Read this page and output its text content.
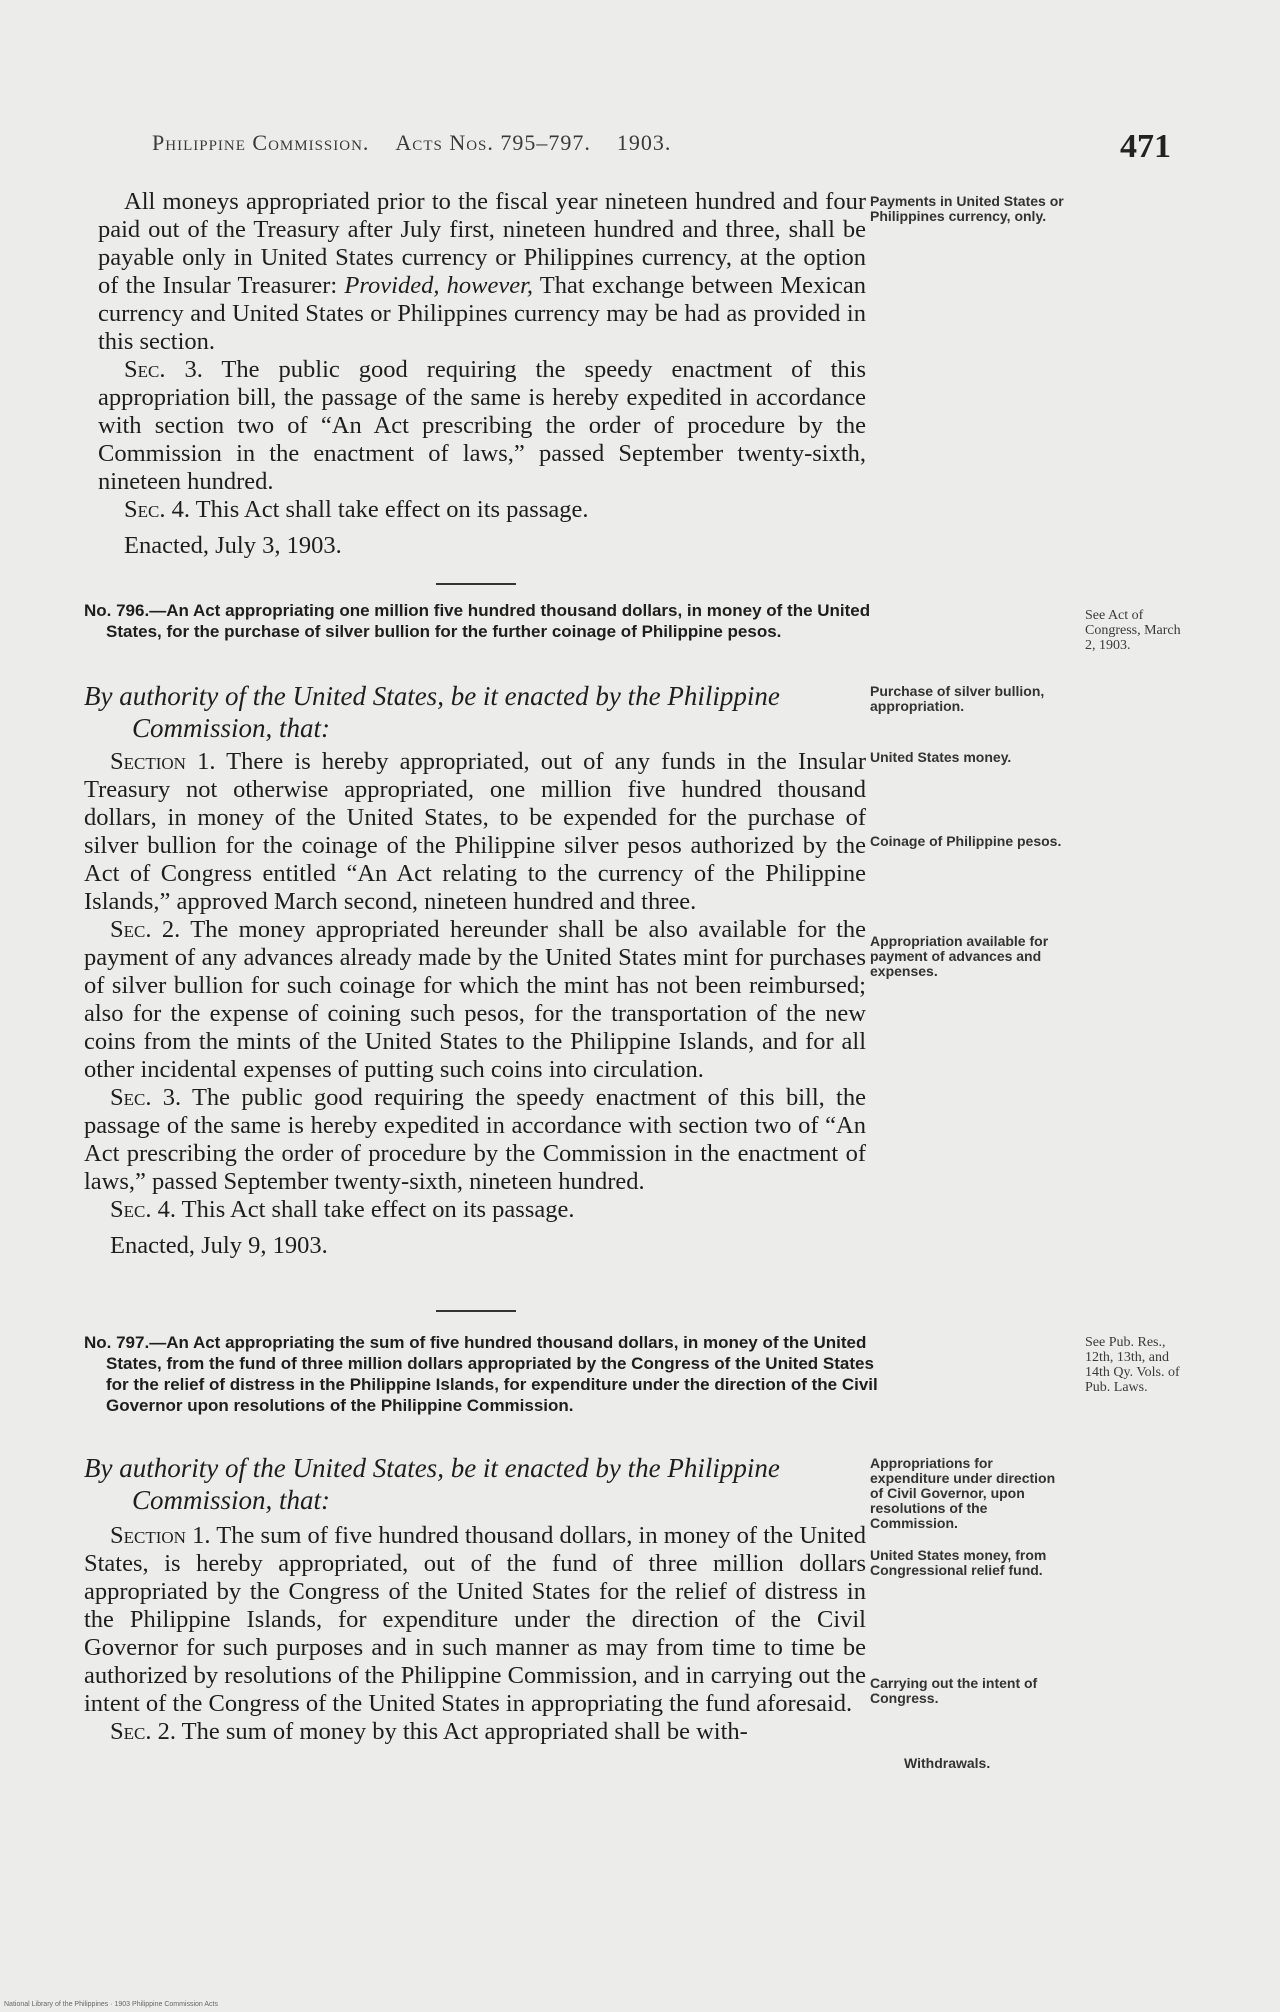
Philippine Commission. Acts Nos. 795–797. 1903.	471

All moneys appropriated prior to the fiscal year nineteen hundred and four paid out of the Treasury after July first, nineteen hundred and three, shall be payable only in United States currency or Philippines currency, at the option of the Insular Treasurer: Provided, however, That exchange between Mexican currency and United States or Philippines currency may be had as provided in this section.

Sec. 3. The public good requiring the speedy enactment of this appropriation bill, the passage of the same is hereby expedited in accordance with section two of “An Act prescribing the order of procedure by the Commission in the enactment of laws,” passed September twenty-sixth, nineteen hundred.

Sec. 4. This Act shall take effect on its passage.

Enacted, July 3, 1903.

Payments in United States or Philippines currency, only.
No. 796.—An Act appropriating one million five hundred thousand dollars, in money of the United States, for the purchase of silver bullion for the further coinage of Philippine pesos.
See Act of Congress, March 2, 1903.
By authority of the United States, be it enacted by the Philippine
Commission, that:
Purchase of silver bullion, appropriation.

Section 1. There is hereby appropriated, out of any funds in the Insular Treasury not otherwise appropriated, one million five hundred thousand dollars, in money of the United States, to be expended for the purchase of silver bullion for the coinage of the Philippine silver pesos authorized by the Act of Congress entitled “An Act relating to the currency of the Philippine Islands,” approved March second, nineteen hundred and three.

Sec. 2. The money appropriated hereunder shall be also available for the payment of any advances already made by the United States mint for purchases of silver bullion for such coinage for which the mint has not been reimbursed; also for the expense of coining such pesos, for the transportation of the new coins from the mints of the United States to the Philippine Islands, and for all other incidental expenses of putting such coins into circulation.

Sec. 3. The public good requiring the speedy enactment of this bill, the passage of the same is hereby expedited in accordance with section two of “An Act prescribing the order of procedure by the Commission in the enactment of laws,” passed September twenty-sixth, nineteen hundred.

Sec. 4. This Act shall take effect on its passage.

Enacted, July 9, 1903.

United States money.
Coinage of Philippine pesos.
Appropriation available for payment of advances and expenses.
No. 797.—An Act appropriating the sum of five hundred thousand dollars, in money of the United States, from the fund of three million dollars appropriated by the Congress of the United States for the relief of distress in the Philippine Islands, for expenditure under the direction of the Civil Governor upon resolutions of the Philippine Commission.
See Pub. Res., 12th, 13th, and 14th Qy. Vols. of Pub. Laws.
By authority of the United States, be it enacted by the Philippine
Commission, that:
Appropriations for expenditure under direction of Civil Governor, upon resolutions of the Commission.

Section 1. The sum of five hundred thousand dollars, in money of the United States, is hereby appropriated, out of the fund of three million dollars appropriated by the Congress of the United States for the relief of distress in the Philippine Islands, for expenditure under the direction of the Civil Governor for such purposes and in such manner as may from time to time be authorized by resolutions of the Philippine Commission, and in carrying out the intent of the Congress of the United States in appropriating the fund aforesaid.

Sec. 2. The sum of money by this Act appropriated shall be with-

United States money, from Congressional relief fund.
Carrying out the intent of Congress.
Withdrawals.
National Library of the Philippines · 1903 Philippine Commission Acts
